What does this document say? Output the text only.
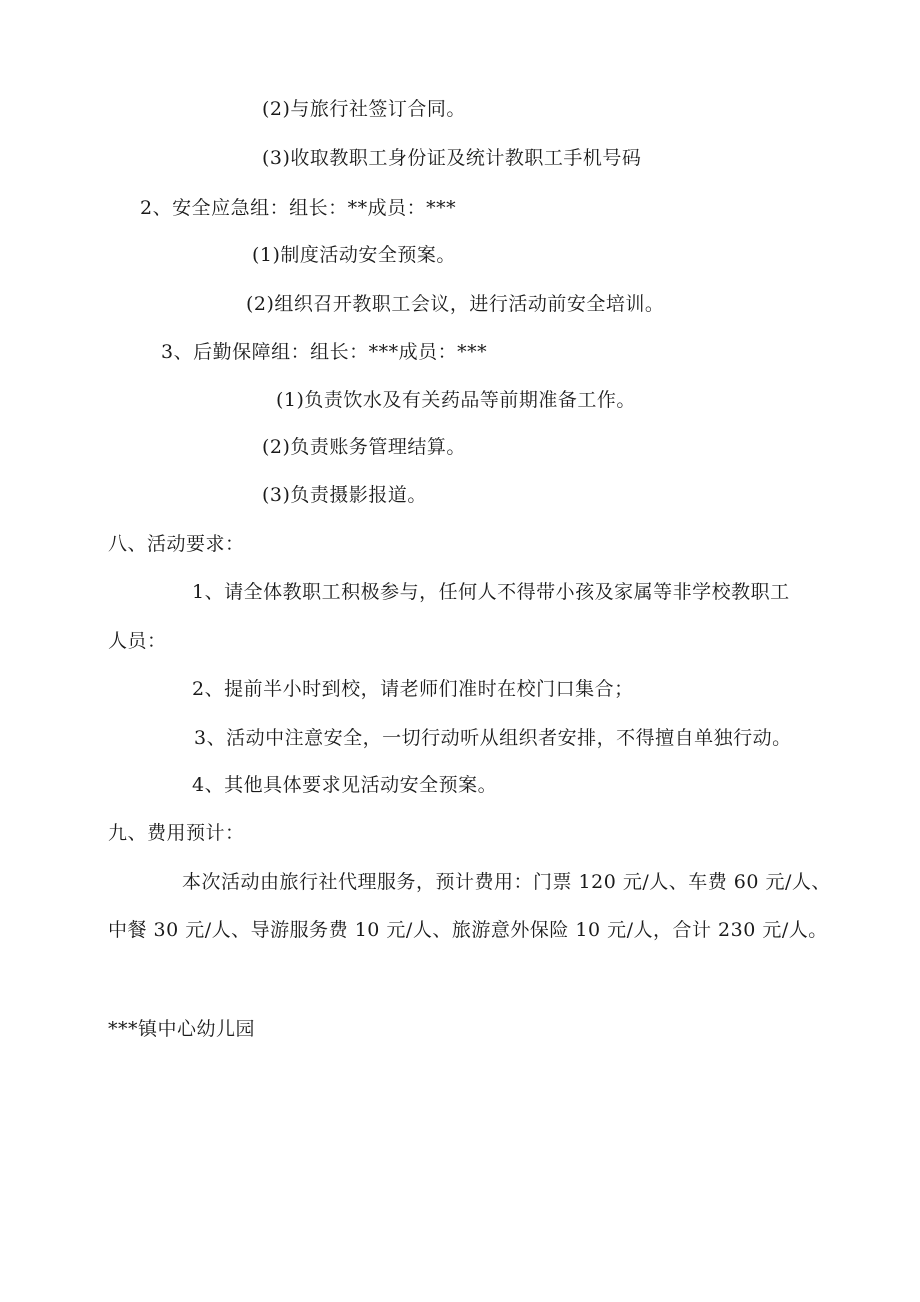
(2)与旅行社签订合同。
(3)收取教职工身份证及统计教职工手机号码
2、安全应急组：组长：**成员：***
(1)制度活动安全预案。
(2)组织召开教职工会议，进行活动前安全培训。
3、后勤保障组：组长：***成员：***
(1)负责饮水及有关药品等前期准备工作。
(2)负责账务管理结算。
(3)负责摄影报道。
八、活动要求：
1、请全体教职工积极参与，任何人不得带小孩及家属等非学校教职工
人员：
2、提前半小时到校，请老师们准时在校门口集合；
3、活动中注意安全，一切行动听从组织者安排，不得擅自单独行动。
4、其他具体要求见活动安全预案。
九、费用预计：
本次活动由旅行社代理服务，预计费用：门票 120 元/人、车费 60 元/人、
中餐 30 元/人、导游服务费 10 元/人、旅游意外保险 10 元/人，合计 230 元/人。
***镇中心幼儿园
